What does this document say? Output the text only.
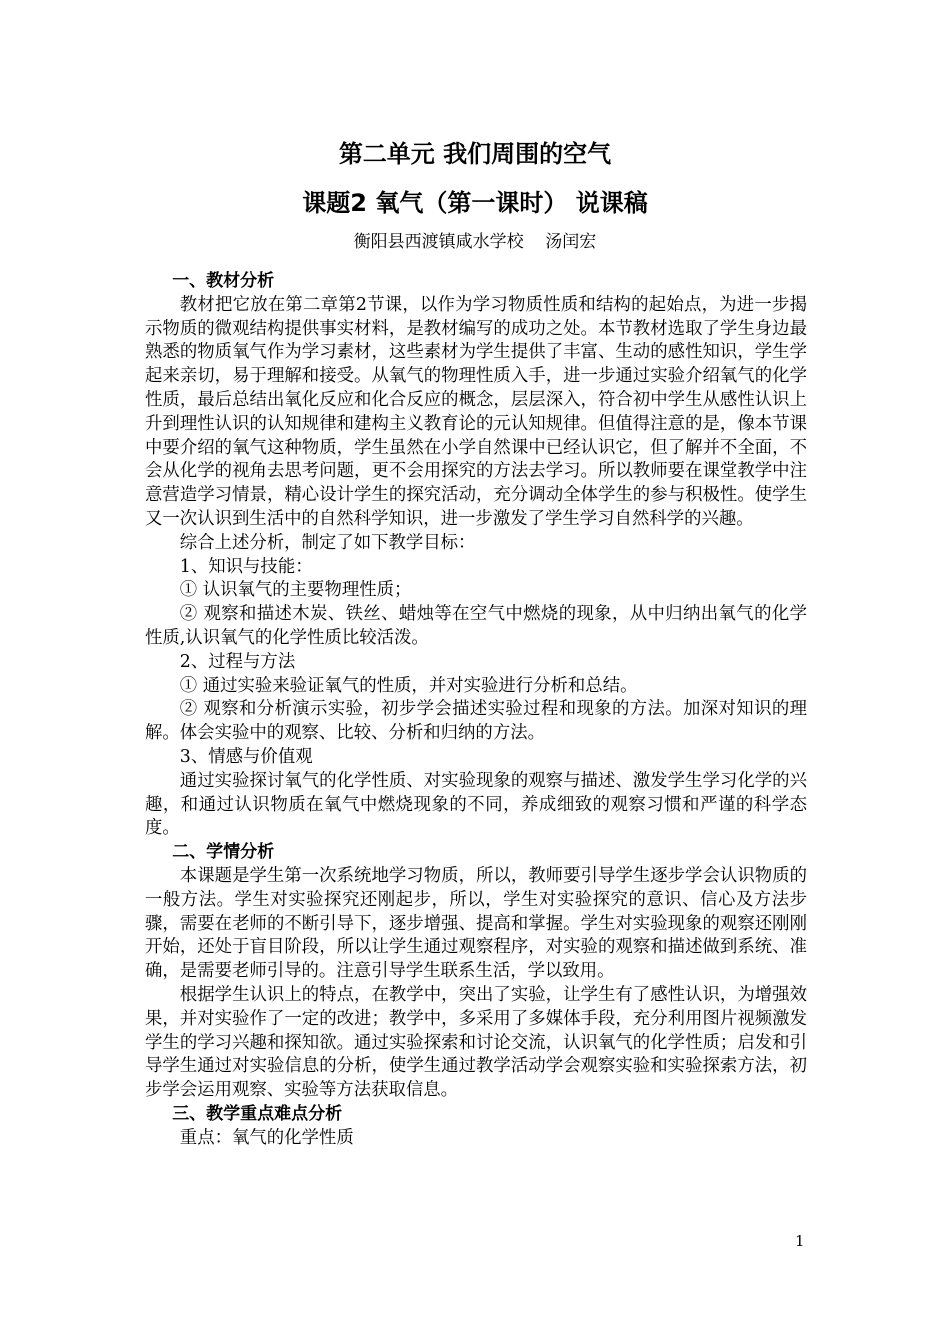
第二单元 我们周围的空气
课题2 氧气（第一课时） 说课稿
衡阳县西渡镇咸水学校    汤闰宏

一、教材分析

教材把它放在第二章第2节课，以作为学习物质性质和结构的起始点，为进一步揭示物质的微观结构提供事实材料，是教材编写的成功之处。本节教材选取了学生身边最熟悉的物质氧气作为学习素材，这些素材为学生提供了丰富、生动的感性知识，学生学起来亲切，易于理解和接受。从氧气的物理性质入手，进一步通过实验介绍氧气的化学性质，最后总结出氧化反应和化合反应的概念，层层深入，符合初中学生从感性认识上升到理性认识的认知规律和建构主义教育论的元认知规律。但值得注意的是，像本节课中要介绍的氧气这种物质，学生虽然在小学自然课中已经认识它，但了解并不全面，不会从化学的视角去思考问题，更不会用探究的方法去学习。所以教师要在课堂教学中注意营造学习情景，精心设计学生的探究活动，充分调动全体学生的参与积极性。使学生又一次认识到生活中的自然科学知识，进一步激发了学生学习自然科学的兴趣。

综合上述分析，制定了如下教学目标：

1、知识与技能：

① 认识氧气的主要物理性质；

② 观察和描述木炭、铁丝、蜡烛等在空气中燃烧的现象，从中归纳出氧气的化学性质,认识氧气的化学性质比较活泼。

2、过程与方法

① 通过实验来验证氧气的性质，并对实验进行分析和总结。

② 观察和分析演示实验，初步学会描述实验过程和现象的方法。加深对知识的理解。体会实验中的观察、比较、分析和归纳的方法。

3、情感与价值观

通过实验探讨氧气的化学性质、对实验现象的观察与描述、激发学生学习化学的兴趣，和通过认识物质在氧气中燃烧现象的不同，养成细致的观察习惯和严谨的科学态度。

二、学情分析

本课题是学生第一次系统地学习物质，所以，教师要引导学生逐步学会认识物质的一般方法。学生对实验探究还刚起步，所以，学生对实验探究的意识、信心及方法步骤，需要在老师的不断引导下，逐步增强、提高和掌握。学生对实验现象的观察还刚刚开始，还处于盲目阶段，所以让学生通过观察程序，对实验的观察和描述做到系统、准确，是需要老师引导的。注意引导学生联系生活，学以致用。

根据学生认识上的特点，在教学中，突出了实验，让学生有了感性认识，为增强效果，并对实验作了一定的改进；教学中，多采用了多媒体手段，充分利用图片视频激发学生的学习兴趣和探知欲。通过实验探索和讨论交流，认识氧气的化学性质；启发和引导学生通过对实验信息的分析，使学生通过教学活动学会观察实验和实验探索方法，初步学会运用观察、实验等方法获取信息。

三、教学重点难点分析

重点：氧气的化学性质

1
